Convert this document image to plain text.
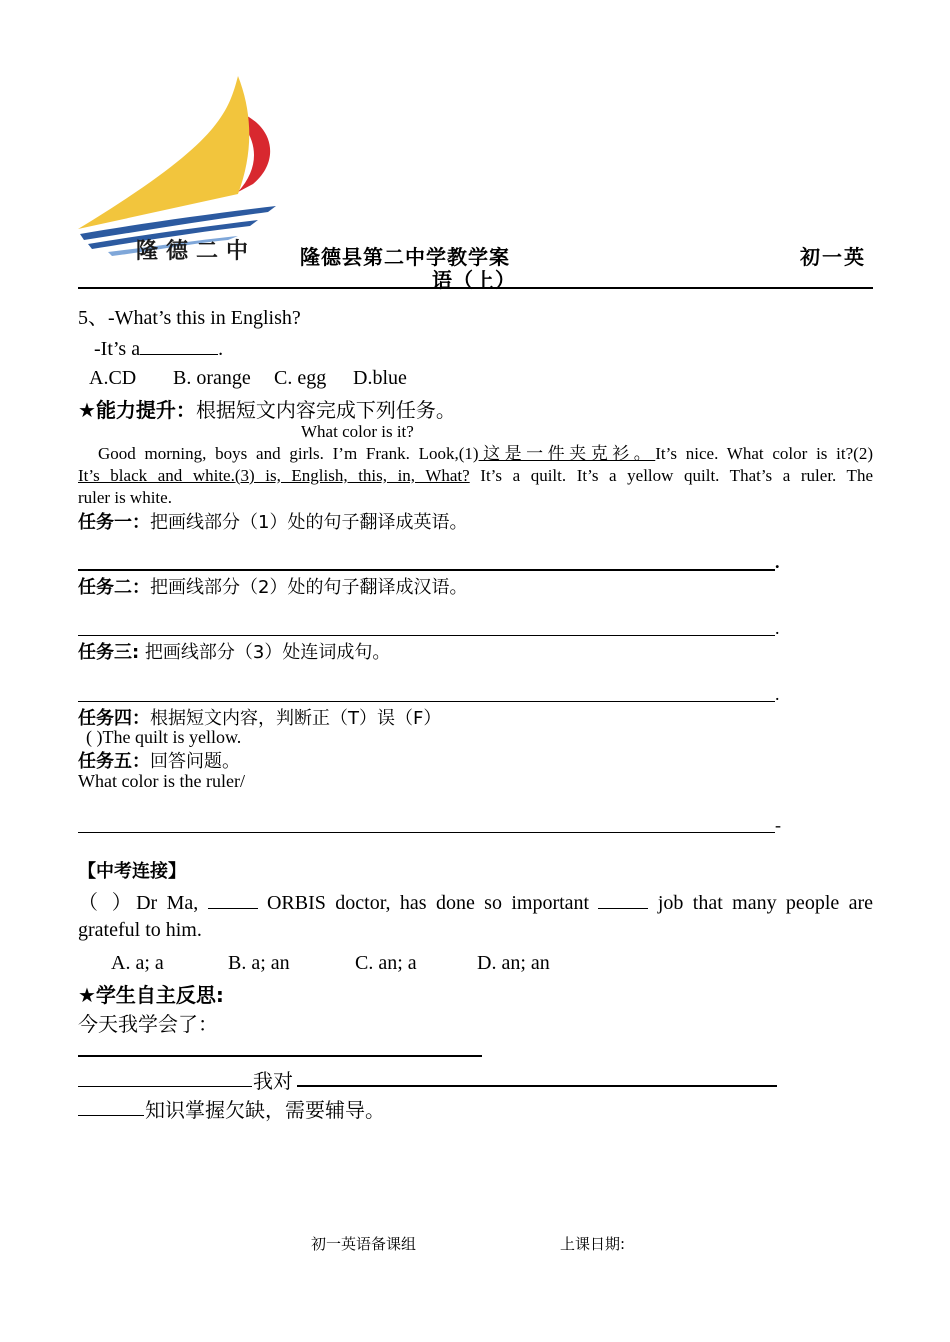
隆德二中 隆德县第二中学教学案
语（上）
初一英
5、-What’s this in English?
-It’s a	.
A.CD B. orange C. egg D.blue
★能力提升：根据短文内容完成下列任务。
What color is it?

Good morning, boys and girls. I’m Frank. Look,(1)这是一件夹克衫。It’s nice. What color is it?(2)

It’s black and white.(3) is, English, this, in, What? It’s a quilt. It’s a yellow quilt. That’s a ruler. The

ruler is white.

任务一：把画线部分（1）处的句子翻译成英语。
.
任务二：把画线部分（2）处的句子翻译成汉语。
.
任务三: 把画线部分（3）处连词成句。
.
任务四：根据短文内容，判断正（T）误（F）
( )The quilt is yellow.
任务五：回答问题。
What color is the ruler/
-
【中考连接】
（ ）Dr Ma,	ORBIS doctor, has done so important	job that many people are
grateful to him.
A. a; a	B. a; an	C. an; a	D. an; an
★学生自主反思:
今天我学会了：
我对
知识掌握欠缺，需要辅导。
初一英语备课组	上课日期:
